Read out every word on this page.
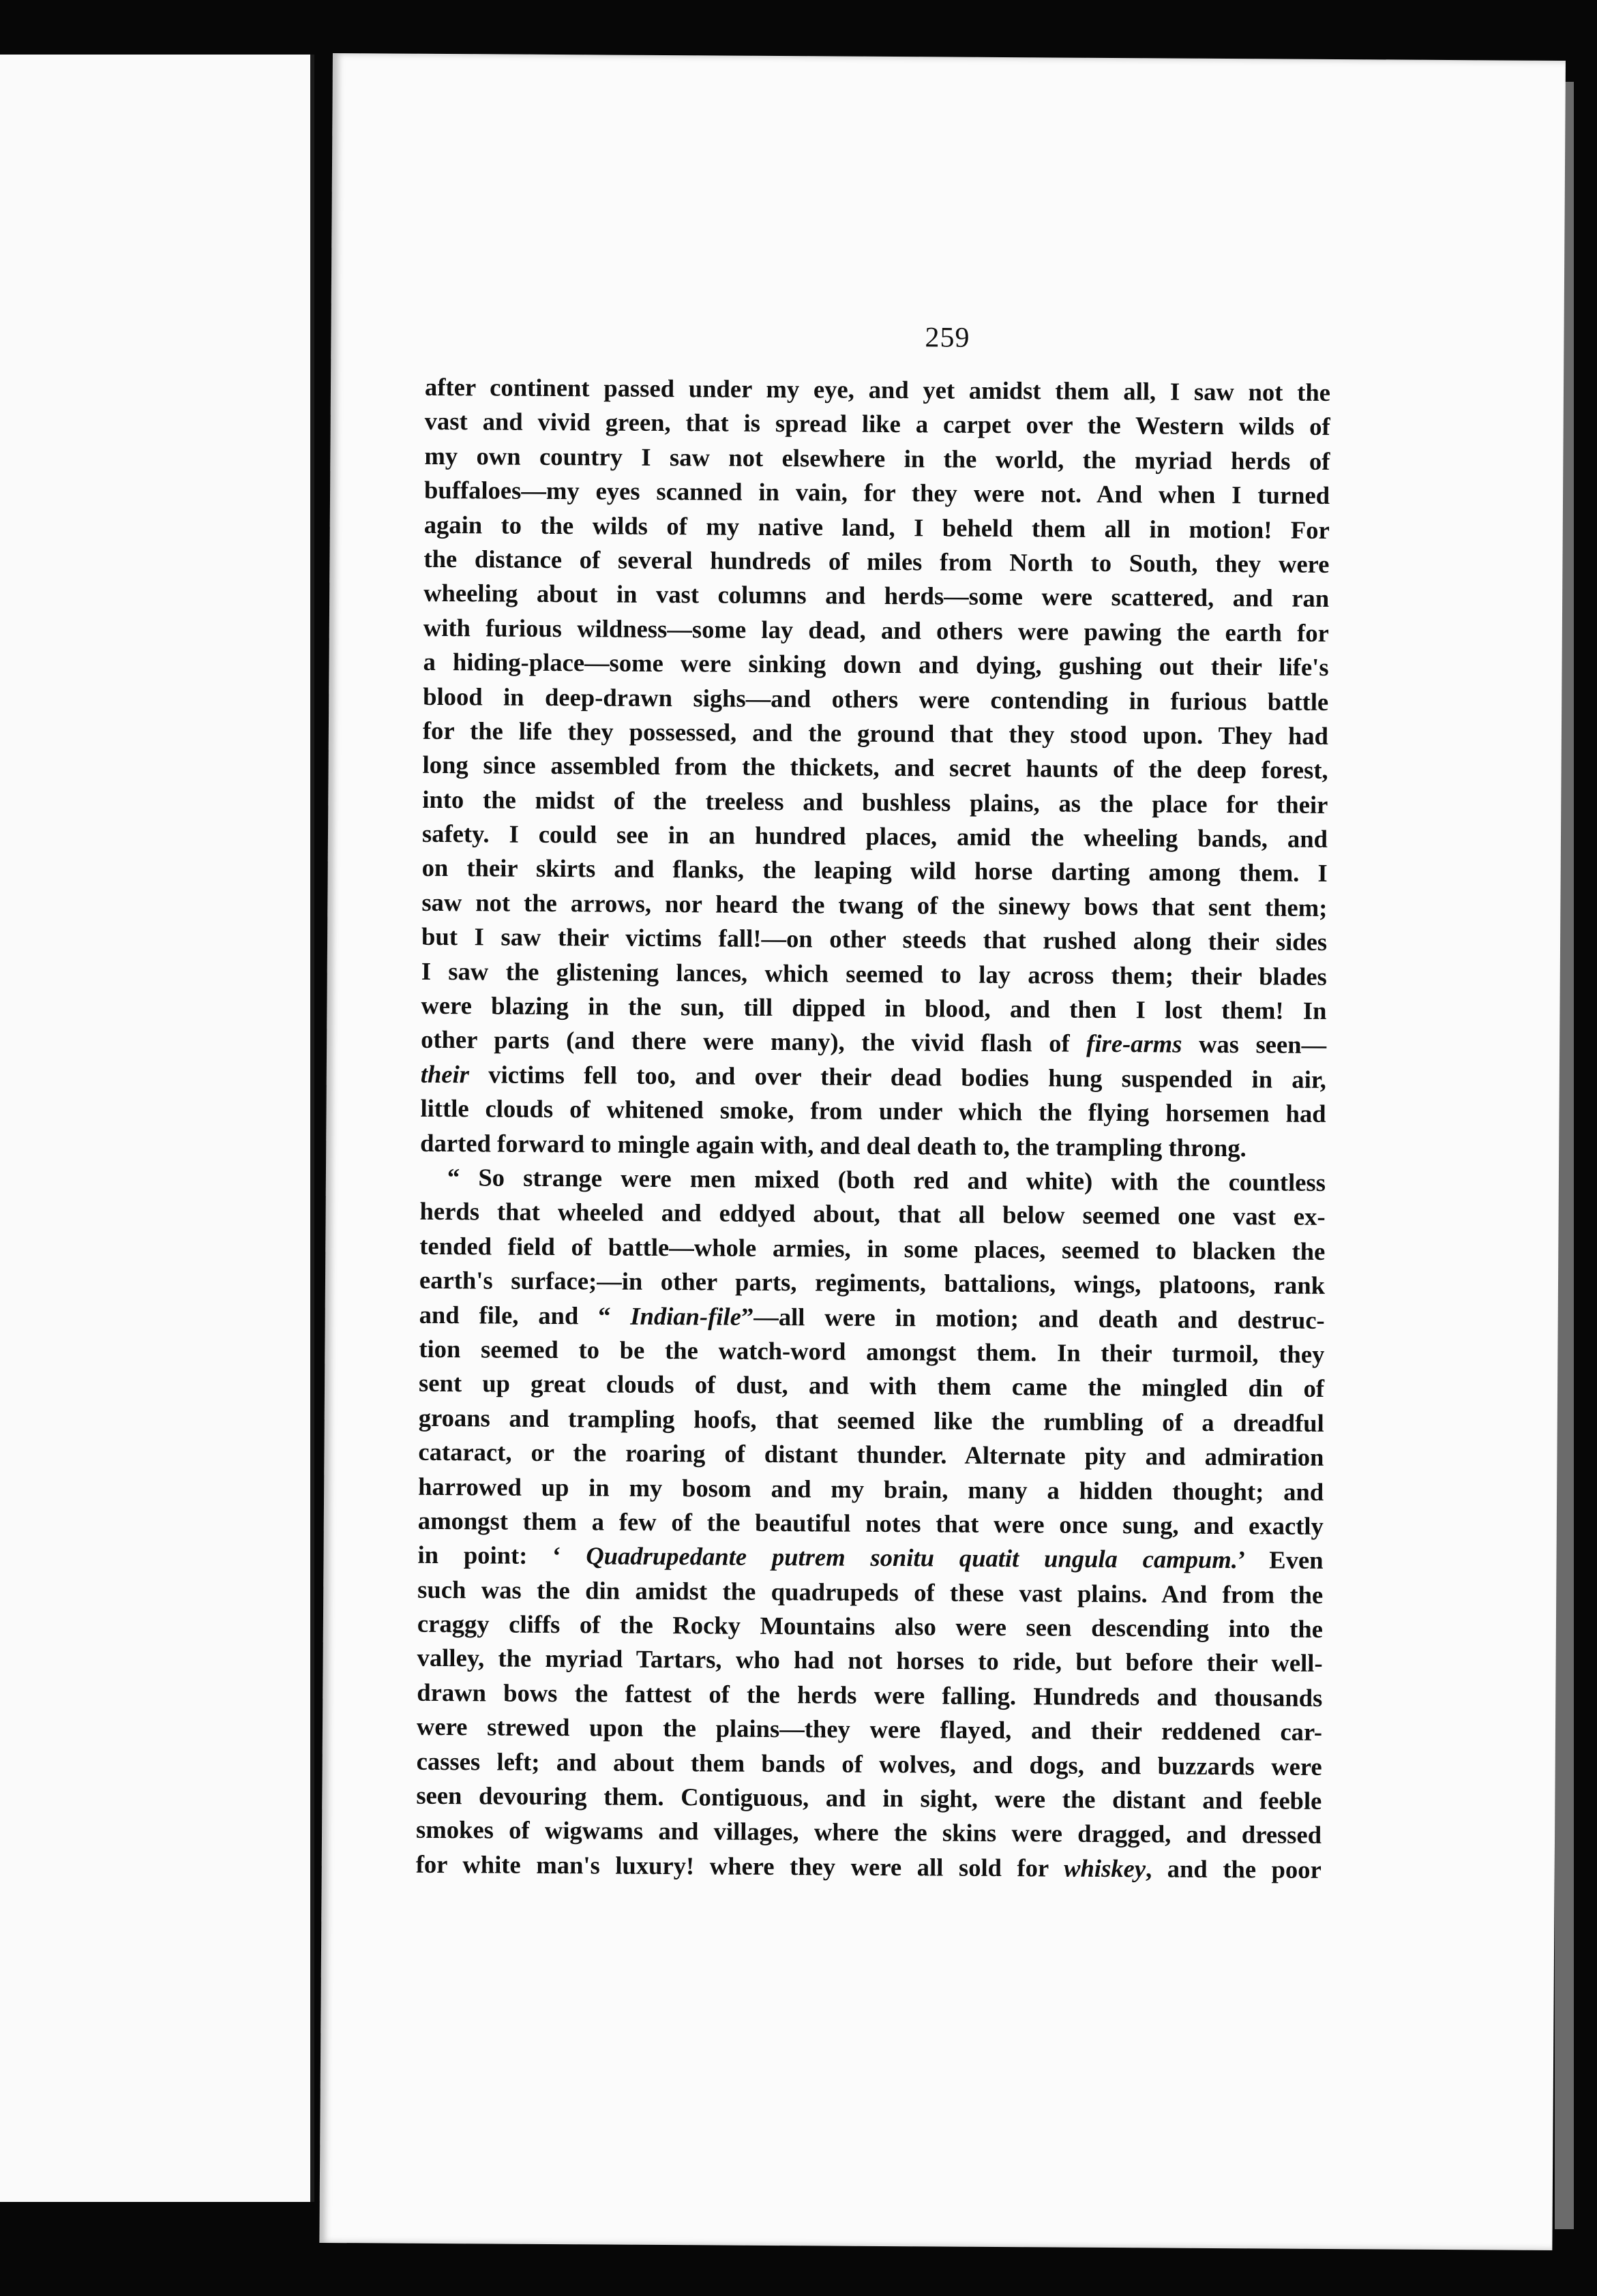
259
after continent passed under my eye, and yet amidst them all, I saw not the
vast and vivid green, that is spread like a carpet over the Western wilds of
my own country I saw not elsewhere in the world, the myriad herds of
buffaloes—my eyes scanned in vain, for they were not. And when I turned
again to the wilds of my native land, I beheld them all in motion! For
the distance of several hundreds of miles from North to South, they were
wheeling about in vast columns and herds—some were scattered, and ran
with furious wildness—some lay dead, and others were pawing the earth for
a hiding-place—some were sinking down and dying, gushing out their life's
blood in deep-drawn sighs—and others were contending in furious battle
for the life they possessed, and the ground that they stood upon. They had
long since assembled from the thickets, and secret haunts of the deep forest,
into the midst of the treeless and bushless plains, as the place for their
safety. I could see in an hundred places, amid the wheeling bands, and
on their skirts and flanks, the leaping wild horse darting among them. I
saw not the arrows, nor heard the twang of the sinewy bows that sent them;
but I saw their victims fall!—on other steeds that rushed along their sides
I saw the glistening lances, which seemed to lay across them; their blades
were blazing in the sun, till dipped in blood, and then I lost them! In
other parts (and there were many), the vivid flash of fire-arms was seen—
their victims fell too, and over their dead bodies hung suspended in air,
little clouds of whitened smoke, from under which the flying horsemen had
darted forward to mingle again with, and deal death to, the trampling throng.
“ So strange were men mixed (both red and white) with the countless
herds that wheeled and eddyed about, that all below seemed one vast ex-
tended field of battle—whole armies, in some places, seemed to blacken the
earth's surface;—in other parts, regiments, battalions, wings, platoons, rank
and file, and “ Indian-file”—all were in motion; and death and destruc-
tion seemed to be the watch-word amongst them. In their turmoil, they
sent up great clouds of dust, and with them came the mingled din of
groans and trampling hoofs, that seemed like the rumbling of a dreadful
cataract, or the roaring of distant thunder. Alternate pity and admiration
harrowed up in my bosom and my brain, many a hidden thought; and
amongst them a few of the beautiful notes that were once sung, and exactly
in point: ‘ Quadrupedante putrem sonitu quatit ungula campum.’ Even
such was the din amidst the quadrupeds of these vast plains. And from the
craggy cliffs of the Rocky Mountains also were seen descending into the
valley, the myriad Tartars, who had not horses to ride, but before their well-
drawn bows the fattest of the herds were falling. Hundreds and thousands
were strewed upon the plains—they were flayed, and their reddened car-
casses left; and about them bands of wolves, and dogs, and buzzards were
seen devouring them. Contiguous, and in sight, were the distant and feeble
smokes of wigwams and villages, where the skins were dragged, and dressed
for white man's luxury! where they were all sold for whiskey, and the poor
